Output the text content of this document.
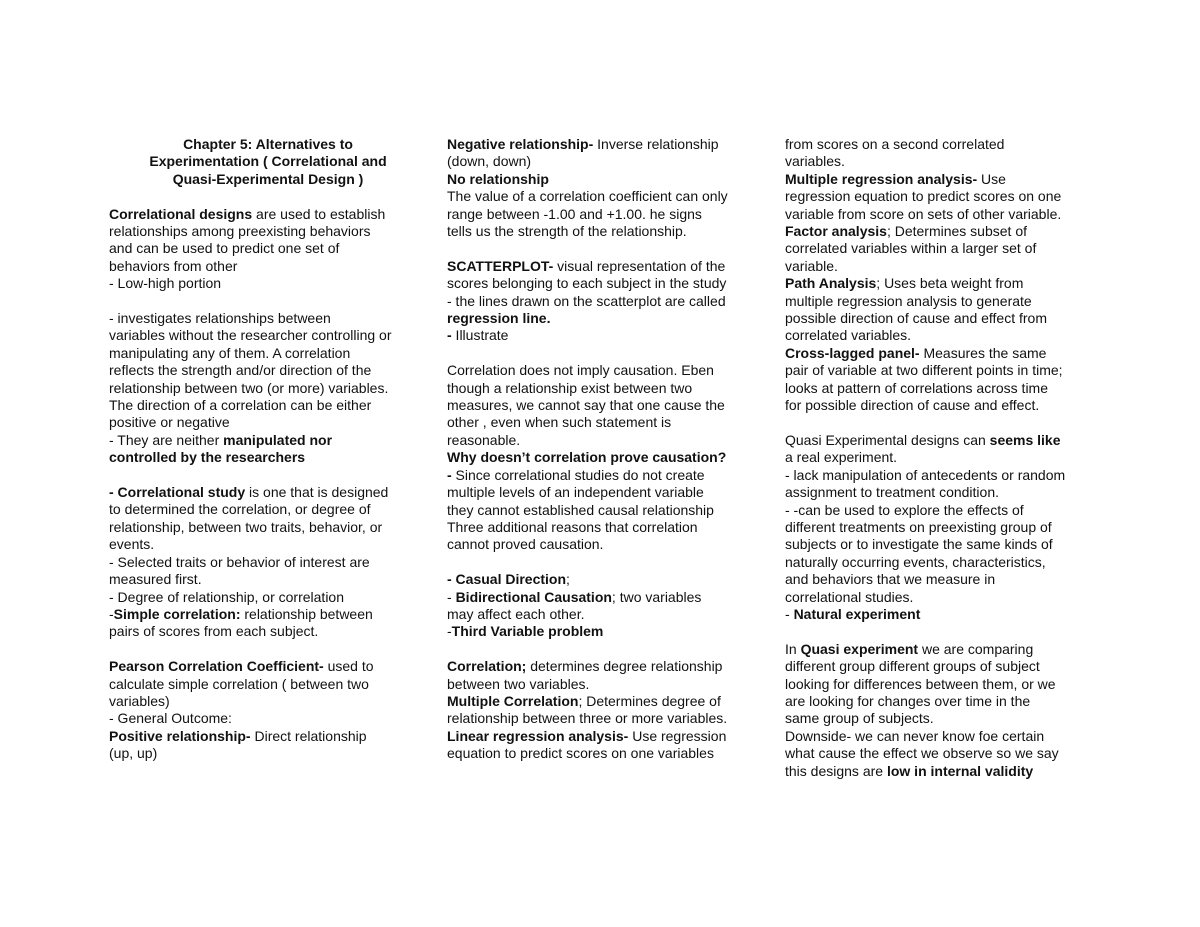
Chapter 5: Alternatives to
Experimentation ( Correlational and
Quasi-Experimental Design )
Correlational designs are used to establish
relationships among preexisting behaviors
and can be used to predict one set of
behaviors from other
- Low-high portion
- investigates relationships between
variables without the researcher controlling or
manipulating any of them. A correlation
reflects the strength and/or direction of the
relationship between two (or more) variables.
The direction of a correlation can be either
positive or negative
- They are neither manipulated nor
controlled by the researchers
- Correlational study is one that is designed
to determined the correlation, or degree of
relationship, between two traits, behavior, or
events.
- Selected traits or behavior of interest are
measured first.
- Degree of relationship, or correlation
-Simple correlation: relationship between
pairs of scores from each subject.
Pearson Correlation Coefficient- used to
calculate simple correlation ( between two
variables)
- General Outcome:
Positive relationship- Direct relationship
(up, up)
Negative relationship- Inverse relationship
(down, down)
No relationship
The value of a correlation coefficient can only
range between -1.00 and +1.00. he signs
tells us the strength of the relationship.
SCATTERPLOT- visual representation of the
scores belonging to each subject in the study
- the lines drawn on the scatterplot are called
regression line.
- Illustrate
Correlation does not imply causation. Eben
though a relationship exist between two
measures, we cannot say that one cause the
other , even when such statement is
reasonable.
Why doesn’t correlation prove causation?
- Since correlational studies do not create
multiple levels of an independent variable
they cannot established causal relationship
Three additional reasons that correlation
cannot proved causation.
- Casual Direction;
- Bidirectional Causation; two variables
may affect each other.
-Third Variable problem
Correlation; determines degree relationship
between two variables.
Multiple Correlation; Determines degree of
relationship between three or more variables.
Linear regression analysis- Use regression
equation to predict scores on one variables
from scores on a second correlated
variables.
Multiple regression analysis- Use
regression equation to predict scores on one
variable from score on sets of other variable.
Factor analysis; Determines subset of
correlated variables within a larger set of
variable.
Path Analysis; Uses beta weight from
multiple regression analysis to generate
possible direction of cause and effect from
correlated variables.
Cross-lagged panel- Measures the same
pair of variable at two different points in time;
looks at pattern of correlations across time
for possible direction of cause and effect.
Quasi Experimental designs can seems like
a real experiment.
- lack manipulation of antecedents or random
assignment to treatment condition.
- -can be used to explore the effects of
different treatments on preexisting group of
subjects or to investigate the same kinds of
naturally occurring events, characteristics,
and behaviors that we measure in
correlational studies.
- Natural experiment
In Quasi experiment we are comparing
different group different groups of subject
looking for differences between them, or we
are looking for changes over time in the
same group of subjects.
Downside- we can never know foe certain
what cause the effect we observe so we say
this designs are low in internal validity
